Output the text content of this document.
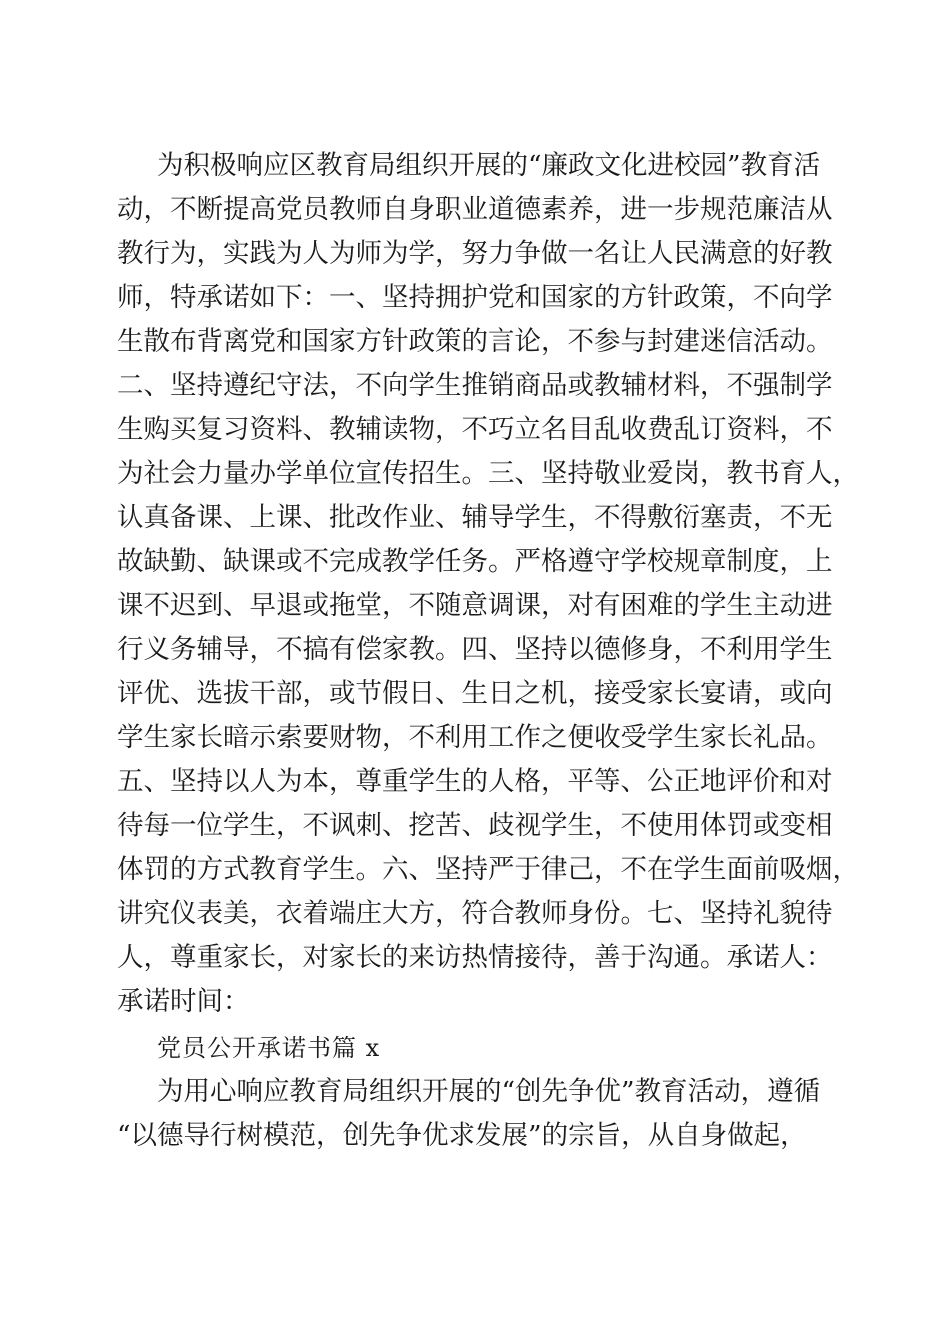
为积极响应区教育局组织开展的“廉政文化进校园”教育活
动，不断提高党员教师自身职业道德素养，进一步规范廉洁从
教行为，实践为人为师为学，努力争做一名让人民满意的好教
师，特承诺如下：一、坚持拥护党和国家的方针政策，不向学
生散布背离党和国家方针政策的言论，不参与封建迷信活动。
二、坚持遵纪守法，不向学生推销商品或教辅材料，不强制学
生购买复习资料、教辅读物，不巧立名目乱收费乱订资料，不
为社会力量办学单位宣传招生。三、坚持敬业爱岗，教书育人，
认真备课、上课、批改作业、辅导学生，不得敷衍塞责，不无
故缺勤、缺课或不完成教学任务。严格遵守学校规章制度，上
课不迟到、早退或拖堂，不随意调课，对有困难的学生主动进
行义务辅导，不搞有偿家教。四、坚持以德修身，不利用学生
评优、选拔干部，或节假日、生日之机，接受家长宴请，或向
学生家长暗示索要财物，不利用工作之便收受学生家长礼品。
五、坚持以人为本，尊重学生的人格，平等、公正地评价和对
待每一位学生，不讽刺、挖苦、歧视学生，不使用体罚或变相
体罚的方式教育学生。六、坚持严于律己，不在学生面前吸烟，
讲究仪表美，衣着端庄大方，符合教师身份。七、坚持礼貌待
人，尊重家长，对家长的来访热情接待，善于沟通。承诺人：
承诺时间：
党员公开承诺书篇 x
为用心响应教育局组织开展的“创先争优”教育活动，遵循
“以德导行树模范，创先争优求发展”的宗旨，从自身做起，
